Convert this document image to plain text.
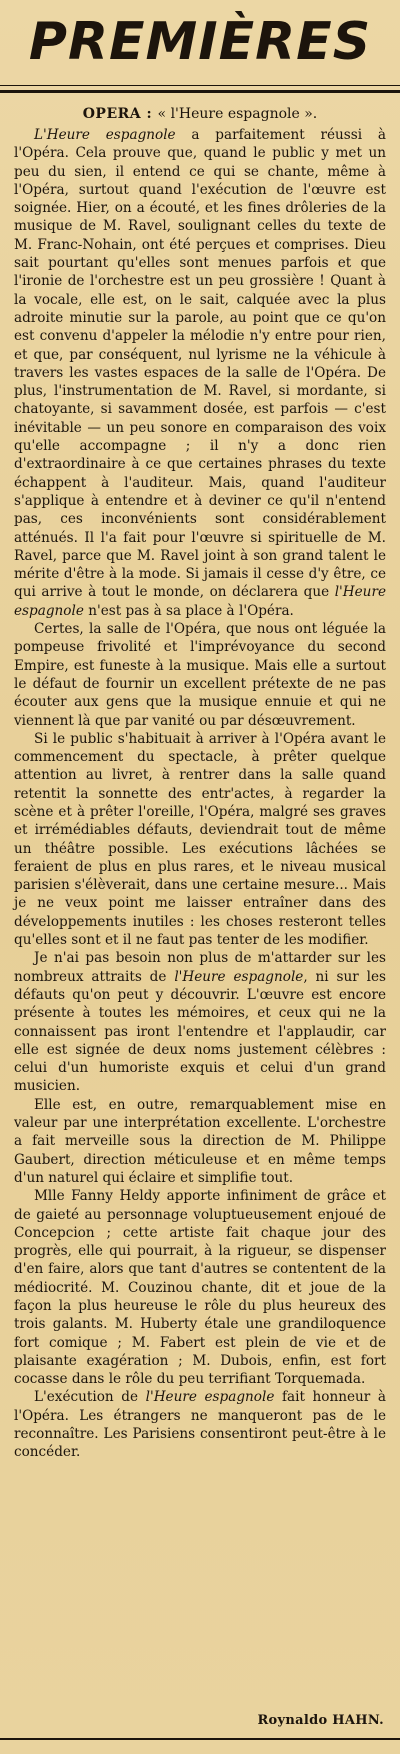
PREMIÈRES
OPERA : « l'Heure espagnole ».

L'Heure espagnole a parfaitement réussi à l'Opéra. Cela prouve que, quand le public y met un peu du sien, il entend ce qui se chante, même à l'Opéra, surtout quand l'exécution de l'œuvre est soignée. Hier, on a écouté, et les fines drôleries de la musique de M. Ravel, soulignant celles du texte de M. Franc-Nohain, ont été perçues et comprises. Dieu sait pourtant qu'elles sont menues parfois et que l'ironie de l'orchestre est un peu grossière ! Quant à la vocale, elle est, on le sait, calquée avec la plus adroite minutie sur la parole, au point que ce qu'on est convenu d'appeler la mélodie n'y entre pour rien, et que, par conséquent, nul lyrisme ne la véhicule à travers les vastes espaces de la salle de l'Opéra. De plus, l'instrumentation de M. Ravel, si mordante, si chatoyante, si savamment dosée, est parfois — c'est inévitable — un peu sonore en comparaison des voix qu'elle accompagne ; il n'y a donc rien d'extraordinaire à ce que certaines phrases du texte échappent à l'auditeur. Mais, quand l'auditeur s'applique à entendre et à deviner ce qu'il n'entend pas, ces inconvénients sont considérablement atténués. Il l'a fait pour l'œuvre si spirituelle de M. Ravel, parce que M. Ravel joint à son grand talent le mérite d'être à la mode. Si jamais il cesse d'y être, ce qui arrive à tout le monde, on déclarera que l'Heure espagnole n'est pas à sa place à l'Opéra.

Certes, la salle de l'Opéra, que nous ont léguée la pompeuse frivolité et l'imprévoyance du second Empire, est funeste à la musique. Mais elle a surtout le défaut de fournir un excellent prétexte de ne pas écouter aux gens que la musique ennuie et qui ne viennent là que par vanité ou par désœuvrement.

Si le public s'habituait à arriver à l'Opéra avant le commencement du spectacle, à prêter quelque attention au livret, à rentrer dans la salle quand retentit la sonnette des entr'actes, à regarder la scène et à prêter l'oreille, l'Opéra, malgré ses graves et irrémédiables défauts, deviendrait tout de même un théâtre possible. Les exécutions lâchées se feraient de plus en plus rares, et le niveau musical parisien s'élèverait, dans une certaine mesure... Mais je ne veux point me laisser entraîner dans des développements inutiles : les choses resteront telles qu'elles sont et il ne faut pas tenter de les modifier.

Je n'ai pas besoin non plus de m'attarder sur les nombreux attraits de l'Heure espagnole, ni sur les défauts qu'on peut y découvrir. L'œuvre est encore présente à toutes les mémoires, et ceux qui ne la connaissent pas iront l'entendre et l'applaudir, car elle est signée de deux noms justement célèbres : celui d'un humoriste exquis et celui d'un grand musicien.

Elle est, en outre, remarquablement mise en valeur par une interprétation excellente. L'orchestre a fait merveille sous la direction de M. Philippe Gaubert, direction méticuleuse et en même temps d'un naturel qui éclaire et simplifie tout.

Mlle Fanny Heldy apporte infiniment de grâce et de gaieté au personnage voluptueusement enjoué de Concepcion ; cette artiste fait chaque jour des progrès, elle qui pourrait, à la rigueur, se dispenser d'en faire, alors que tant d'autres se contentent de la médiocrité. M. Couzinou chante, dit et joue de la façon la plus heureuse le rôle du plus heureux des trois galants. M. Huberty étale une grandiloquence fort comique ; M. Fabert est plein de vie et de plaisante exagération ; M. Dubois, enfin, est fort cocasse dans le rôle du peu terrifiant Torquemada.

L'exécution de l'Heure espagnole fait honneur à l'Opéra. Les étrangers ne manqueront pas de le reconnaître. Les Parisiens consentiront peut-être à le concéder.

Roynaldo HAHN.
